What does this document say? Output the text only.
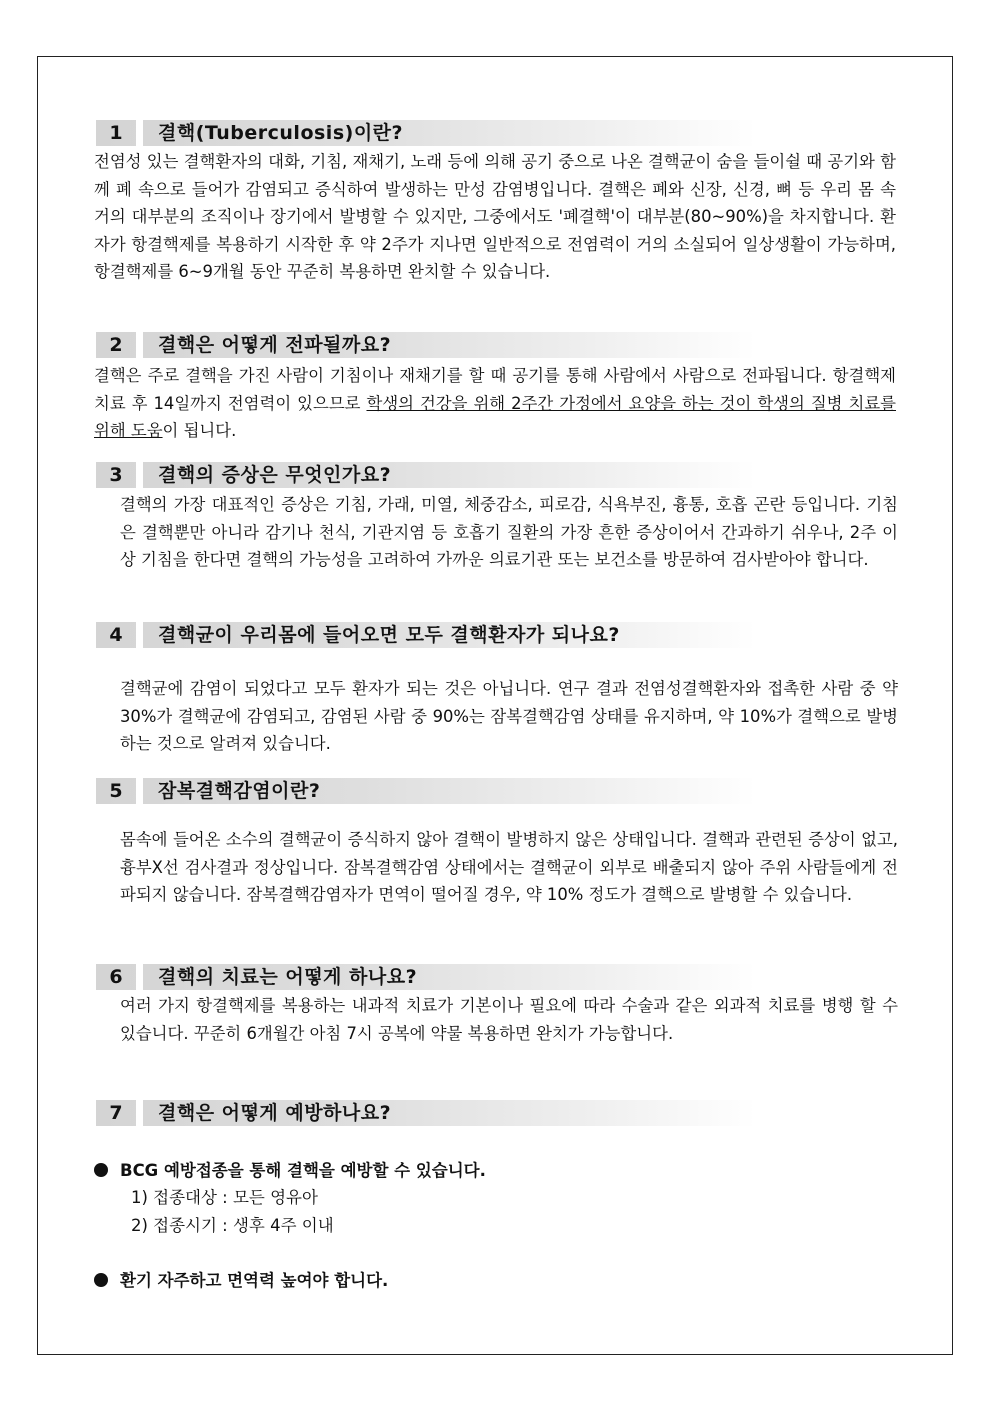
1	결핵(Tuberculosis)이란?

전염성 있는 결핵환자의 대화, 기침, 재채기, 노래 등에 의해 공기 중으로 나온 결핵균이 숨을 들이쉴 때 공기와 함께 폐 속으로 들어가 감염되고 증식하여 발생하는 만성 감염병입니다. 결핵은 폐와 신장, 신경, 뼈 등 우리 몸 속 거의 대부분의 조직이나 장기에서 발병할 수 있지만, 그중에서도 '폐결핵'이 대부분(80~90%)을 차지합니다. 환자가 항결핵제를 복용하기 시작한 후 약 2주가 지나면 일반적으로 전염력이 거의 소실되어 일상생활이 가능하며, 항결핵제를 6~9개월 동안 꾸준히 복용하면 완치할 수 있습니다.

2	결핵은 어떻게 전파될까요?

결핵은 주로 결핵을 가진 사람이 기침이나 재채기를 할 때 공기를 통해 사람에서 사람으로 전파됩니다. 항결핵제 치료 후 14일까지 전염력이 있으므로 학생의 건강을 위해 2주간 가정에서 요양을 하는 것이 학생의 질병 치료를 위해 도움이 됩니다.

3	결핵의 증상은 무엇인가요?

결핵의 가장 대표적인 증상은 기침, 가래, 미열, 체중감소, 피로감, 식욕부진, 흉통, 호흡 곤란 등입니다. 기침은 결핵뿐만 아니라 감기나 천식, 기관지염 등 호흡기 질환의 가장 흔한 증상이어서 간과하기 쉬우나, 2주 이상 기침을 한다면 결핵의 가능성을 고려하여 가까운 의료기관 또는 보건소를 방문하여 검사받아야 합니다.

4	결핵균이 우리몸에 들어오면 모두 결핵환자가 되나요?

결핵균에 감염이 되었다고 모두 환자가 되는 것은 아닙니다. 연구 결과 전염성결핵환자와 접촉한 사람 중 약 30%가 결핵균에 감염되고, 감염된 사람 중 90%는 잠복결핵감염 상태를 유지하며, 약 10%가 결핵으로 발병하는 것으로 알려져 있습니다.

5	잠복결핵감염이란?

몸속에 들어온 소수의 결핵균이 증식하지 않아 결핵이 발병하지 않은 상태입니다. 결핵과 관련된 증상이 없고, 흉부X선 검사결과 정상입니다. 잠복결핵감염 상태에서는 결핵균이 외부로 배출되지 않아 주위 사람들에게 전파되지 않습니다. 잠복결핵감염자가 면역이 떨어질 경우, 약 10% 정도가 결핵으로 발병할 수 있습니다.

6	결핵의 치료는 어떻게 하나요?

여러 가지 항결핵제를 복용하는 내과적 치료가 기본이나 필요에 따라 수술과 같은 외과적 치료를 병행 할 수 있습니다. 꾸준히 6개월간 아침 7시 공복에 약물 복용하면 완치가 가능합니다.

7	결핵은 어떻게 예방하나요?
BCG 예방접종을 통해 결핵을 예방할 수 있습니다.
1) 접종대상 : 모든 영유아
2) 접종시기 : 생후 4주 이내
환기 자주하고 면역력 높여야 합니다.
